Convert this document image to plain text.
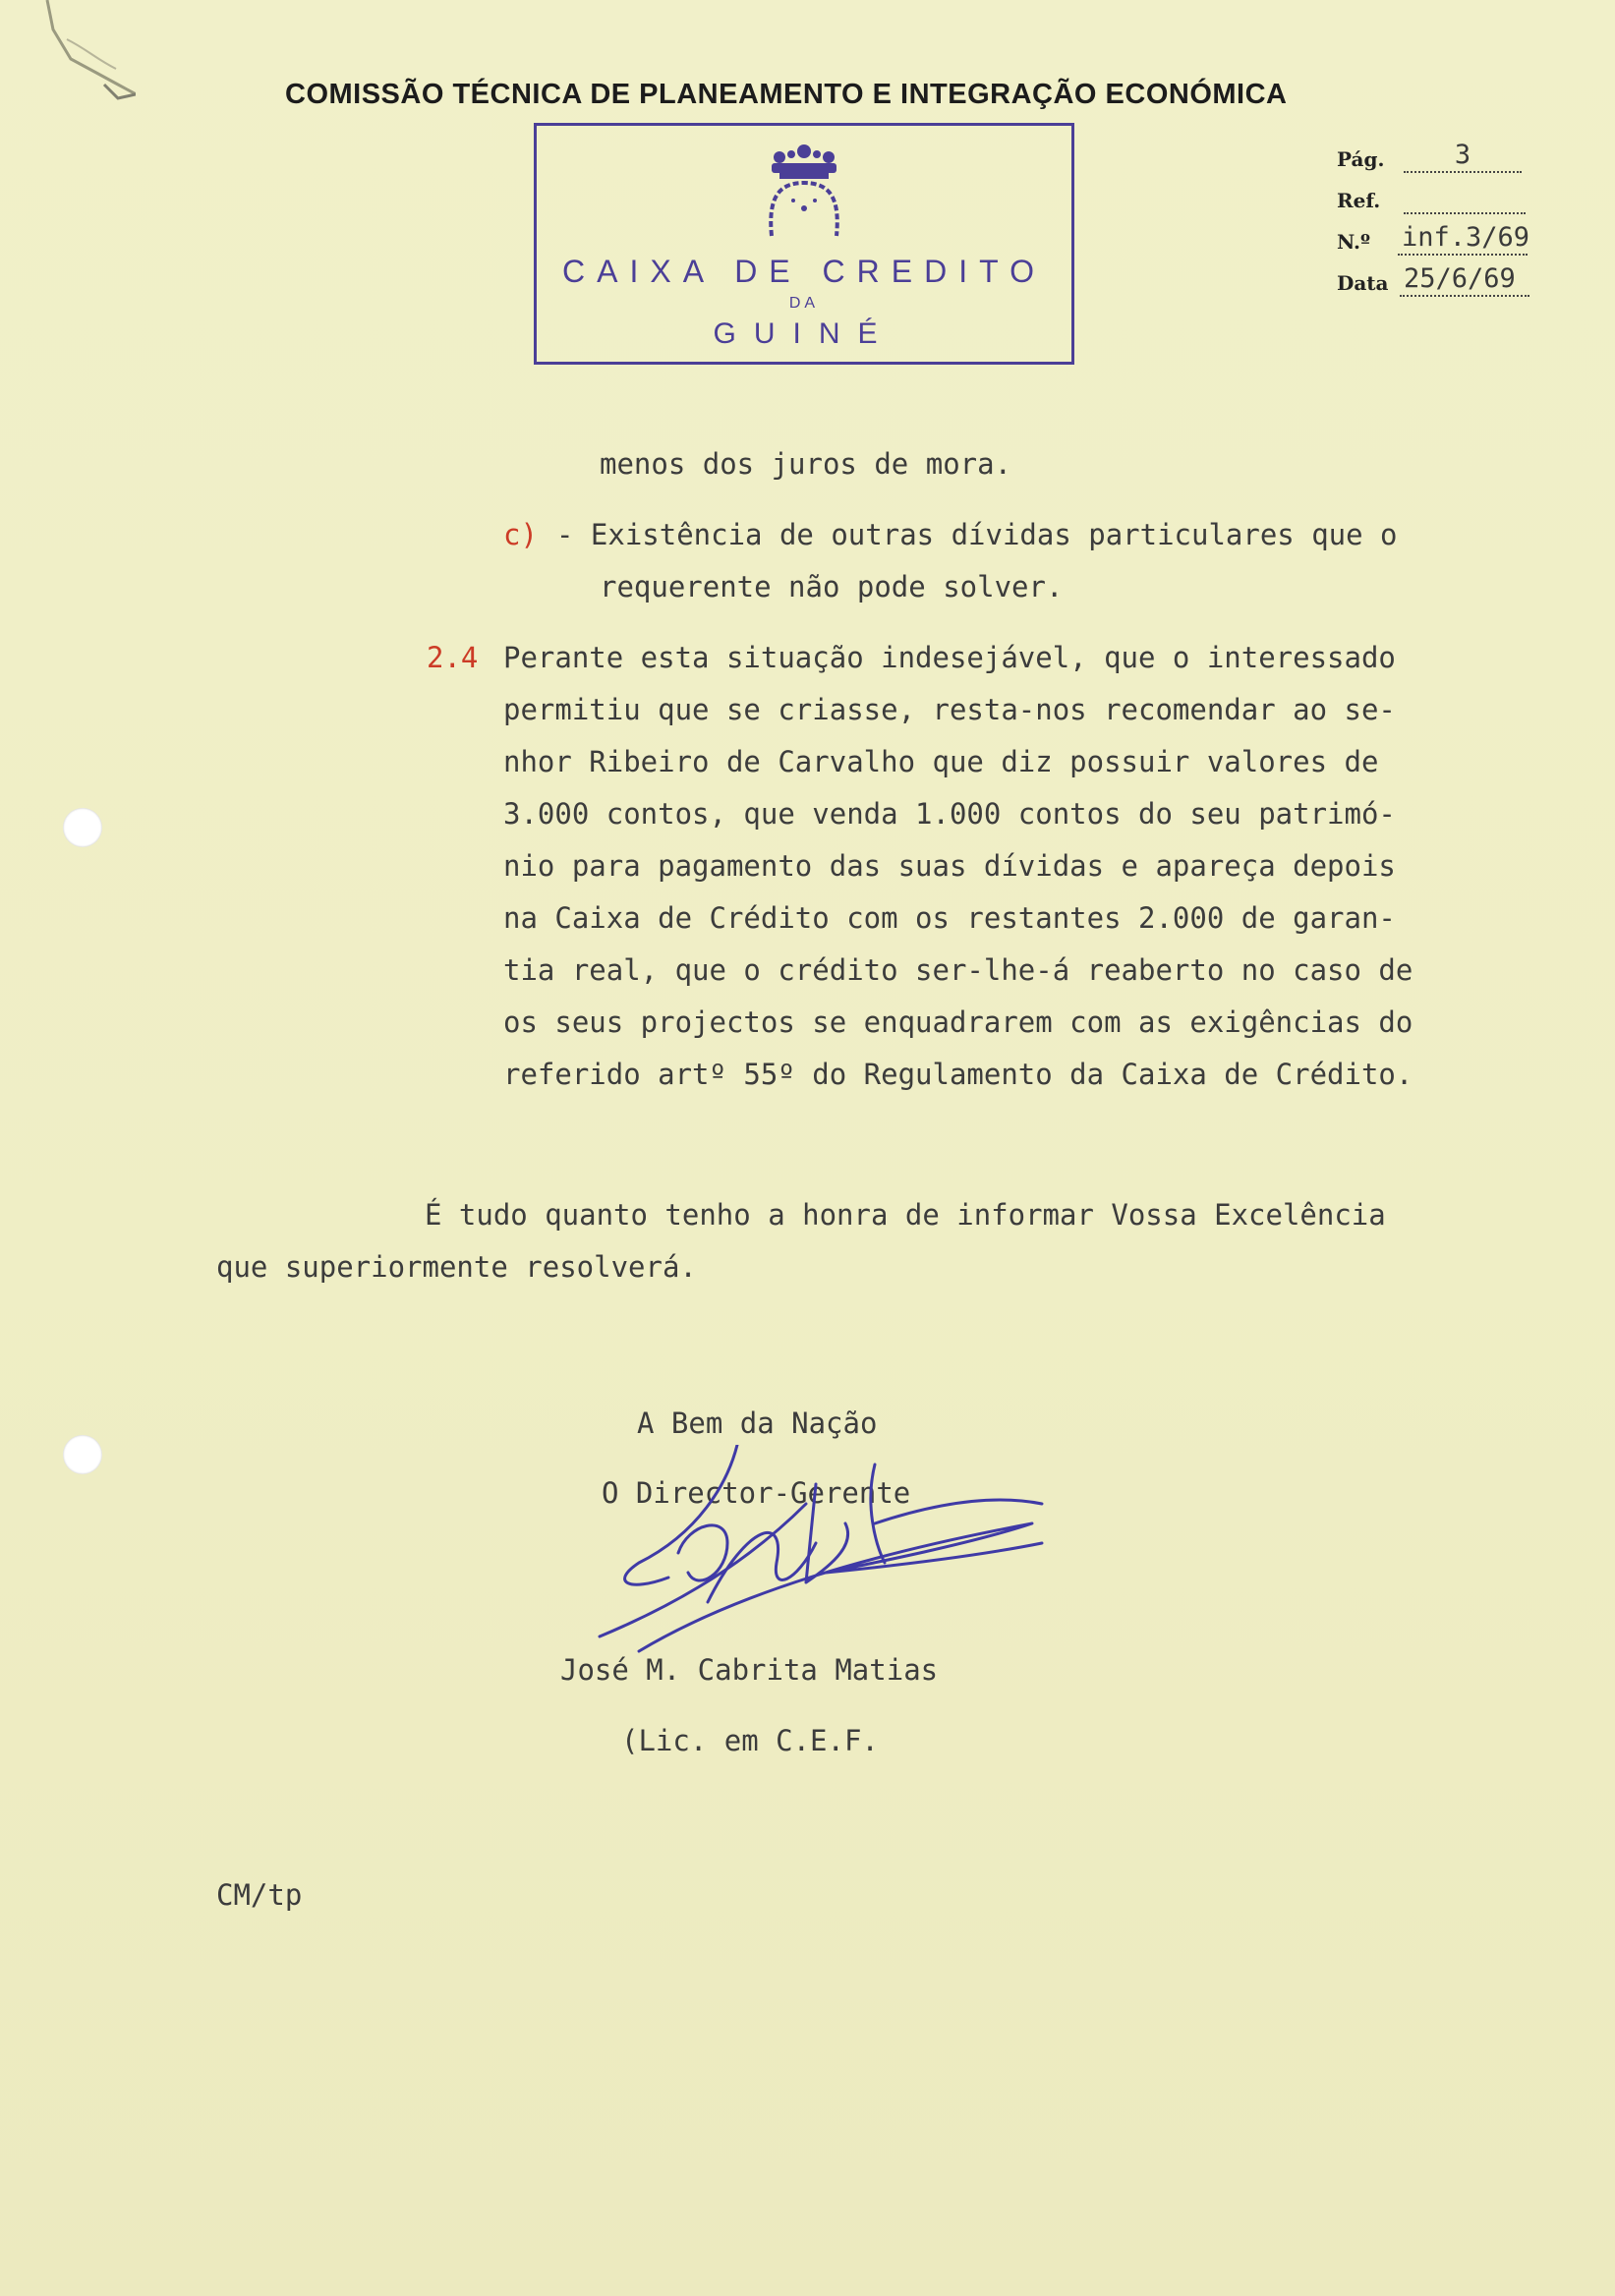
COMISSÃO TÉCNICA DE PLANEAMENTO E INTEGRAÇÃO ECONÓMICA
CAIXA DE CREDITO
DA
GUINÉ
Pág.	3
Ref.
N.º inf.3/69
Data 25/6/69
menos dos juros de mora.
c) - Existência de outras dívidas particulares que o
requerente não pode solver.
2.4 Perante esta situação indesejável, que o interessado
permitiu que se criasse, resta-nos recomendar ao se-
nhor Ribeiro de Carvalho que diz possuir valores de
3.000 contos, que venda 1.000 contos do seu patrimó-
nio para pagamento das suas dívidas e apareça depois
na Caixa de Crédito com os restantes 2.000 de garan-
tia real, que o crédito ser-lhe-á reaberto no caso de
os seus projectos se enquadrarem com as exigências do
referido artº 55º do Regulamento da Caixa de Crédito.
É tudo quanto tenho a honra de informar Vossa Excelência
que superiormente resolverá.
A Bem da Nação
O Director-Gerente
José M. Cabrita Matias
(Lic. em C.E.F.
CM/tp
